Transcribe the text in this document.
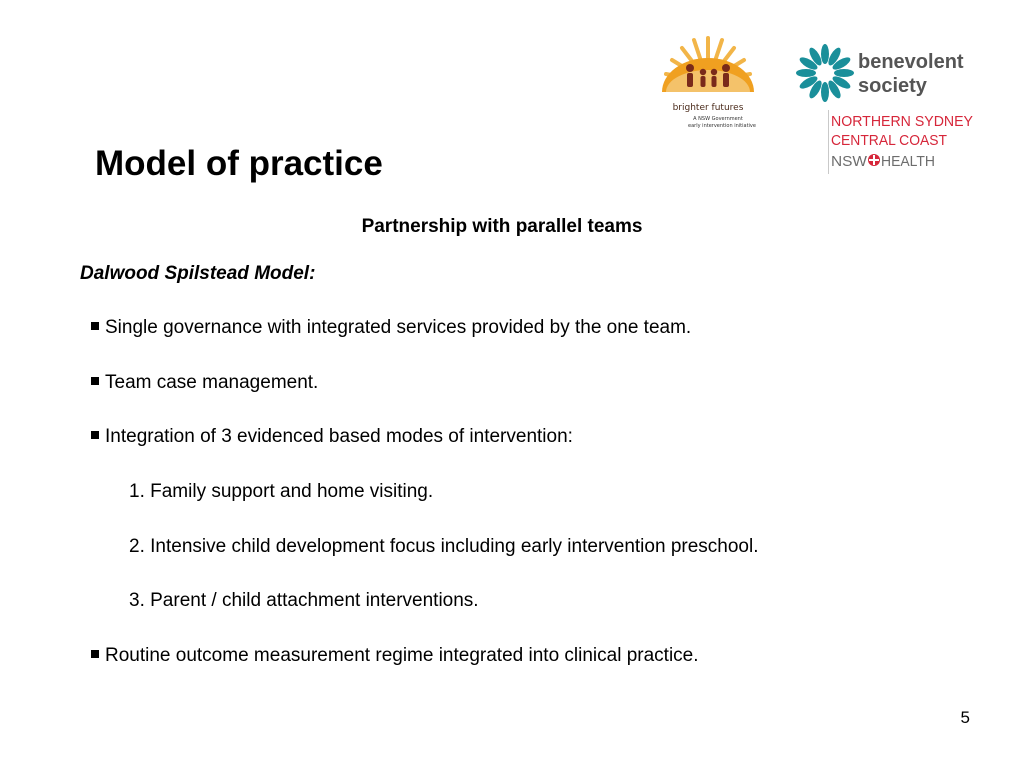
brighter futures
A NSW Government
early intervention initiative
benevolent
society
NORTHERN SYDNEY
CENTRAL COAST
NSW HEALTH
Model of practice
Partnership with parallel teams
Dalwood Spilstead Model:
Single governance with integrated services provided by the one team.
Team case management.
Integration of 3 evidenced based modes of intervention:
1. Family support and home visiting.
2. Intensive child development focus including early intervention preschool.
3. Parent / child attachment interventions.
Routine outcome measurement regime integrated into clinical practice.
5
